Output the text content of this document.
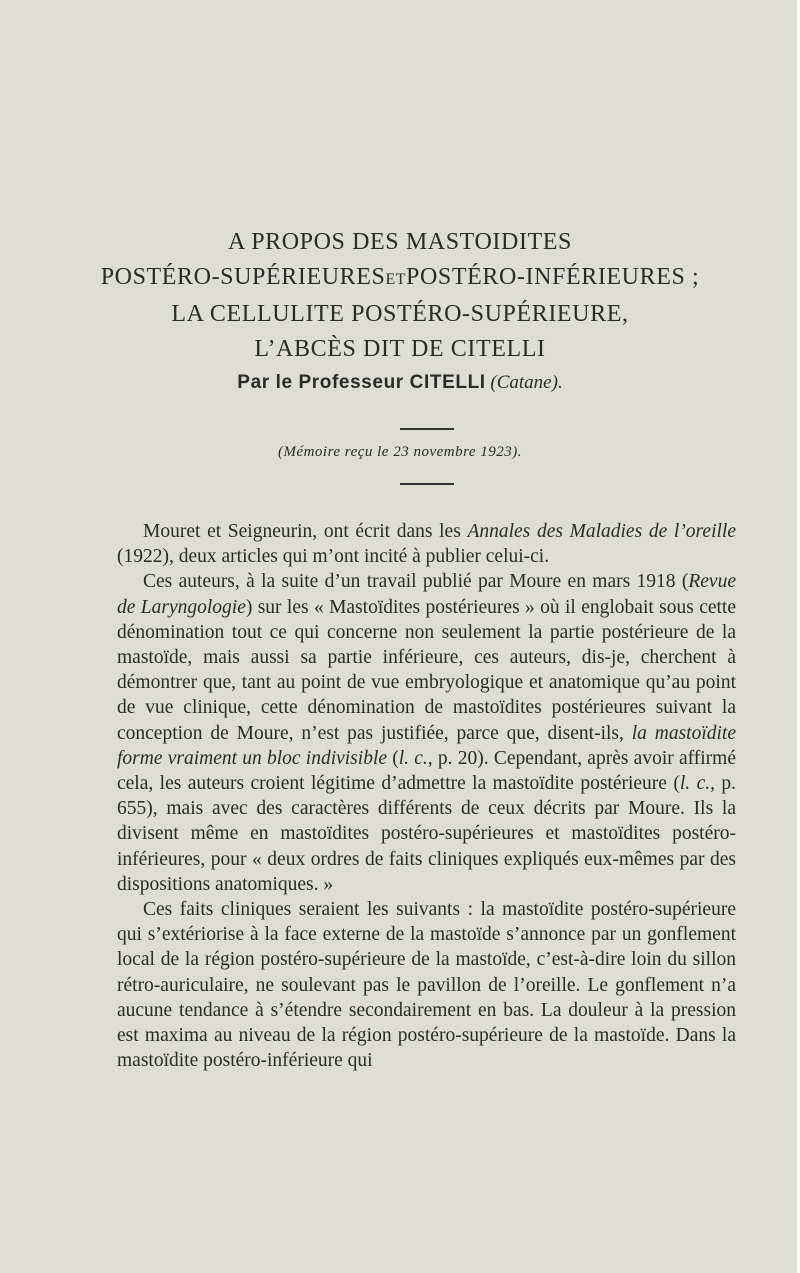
A PROPOS DES MASTOIDITES
POSTÉRO-SUPÉRIEURESETPOSTÉRO-INFÉRIEURES ;
LA CELLULITE POSTÉRO-SUPÉRIEURE,
L’ABCÈS DIT DE CITELLI
Par le Professeur CITELLI (Catane).
(Mémoire reçu le 23 novembre 1923).

Mouret et Seigneurin, ont écrit dans les Annales des Maladies de l’oreille (1922), deux articles qui m’ont incité à publier celui-ci.

Ces auteurs, à la suite d’un travail publié par Moure en mars 1918 (Revue de Laryngologie) sur les « Mastoïdites postérieures » où il englobait sous cette dénomination tout ce qui concerne non seulement la partie postérieure de la mastoïde, mais aussi sa partie inférieure, ces auteurs, dis-je, cherchent à démontrer que, tant au point de vue embryologique et anatomique qu’au point de vue clinique, cette dénomination de mastoïdites postérieures suivant la conception de Moure, n’est pas justifiée, parce que, disent-ils, la mastoïdite forme vraiment un bloc indivisible (l. c., p. 20). Cependant, après avoir affirmé cela, les auteurs croient légitime d’admettre la mastoïdite postérieure (l. c., p. 655), mais avec des caractères différents de ceux décrits par Moure. Ils la divisent même en mastoïdites postéro-supérieures et mastoïdites postéro-inférieures, pour « deux ordres de faits cliniques expliqués eux-mêmes par des dispositions anatomiques. »

Ces faits cliniques seraient les suivants : la mastoïdite postéro-supérieure qui s’extériorise à la face externe de la mastoïde s’annonce par un gonflement local de la région postéro-supérieure de la mastoïde, c’est-à-dire loin du sillon rétro-auriculaire, ne soulevant pas le pavillon de l’oreille. Le gonflement n’a aucune tendance à s’étendre secondairement en bas. La douleur à la pression est maxima au niveau de la région postéro-supérieure de la mastoïde. Dans la mastoïdite postéro-inférieure qui
